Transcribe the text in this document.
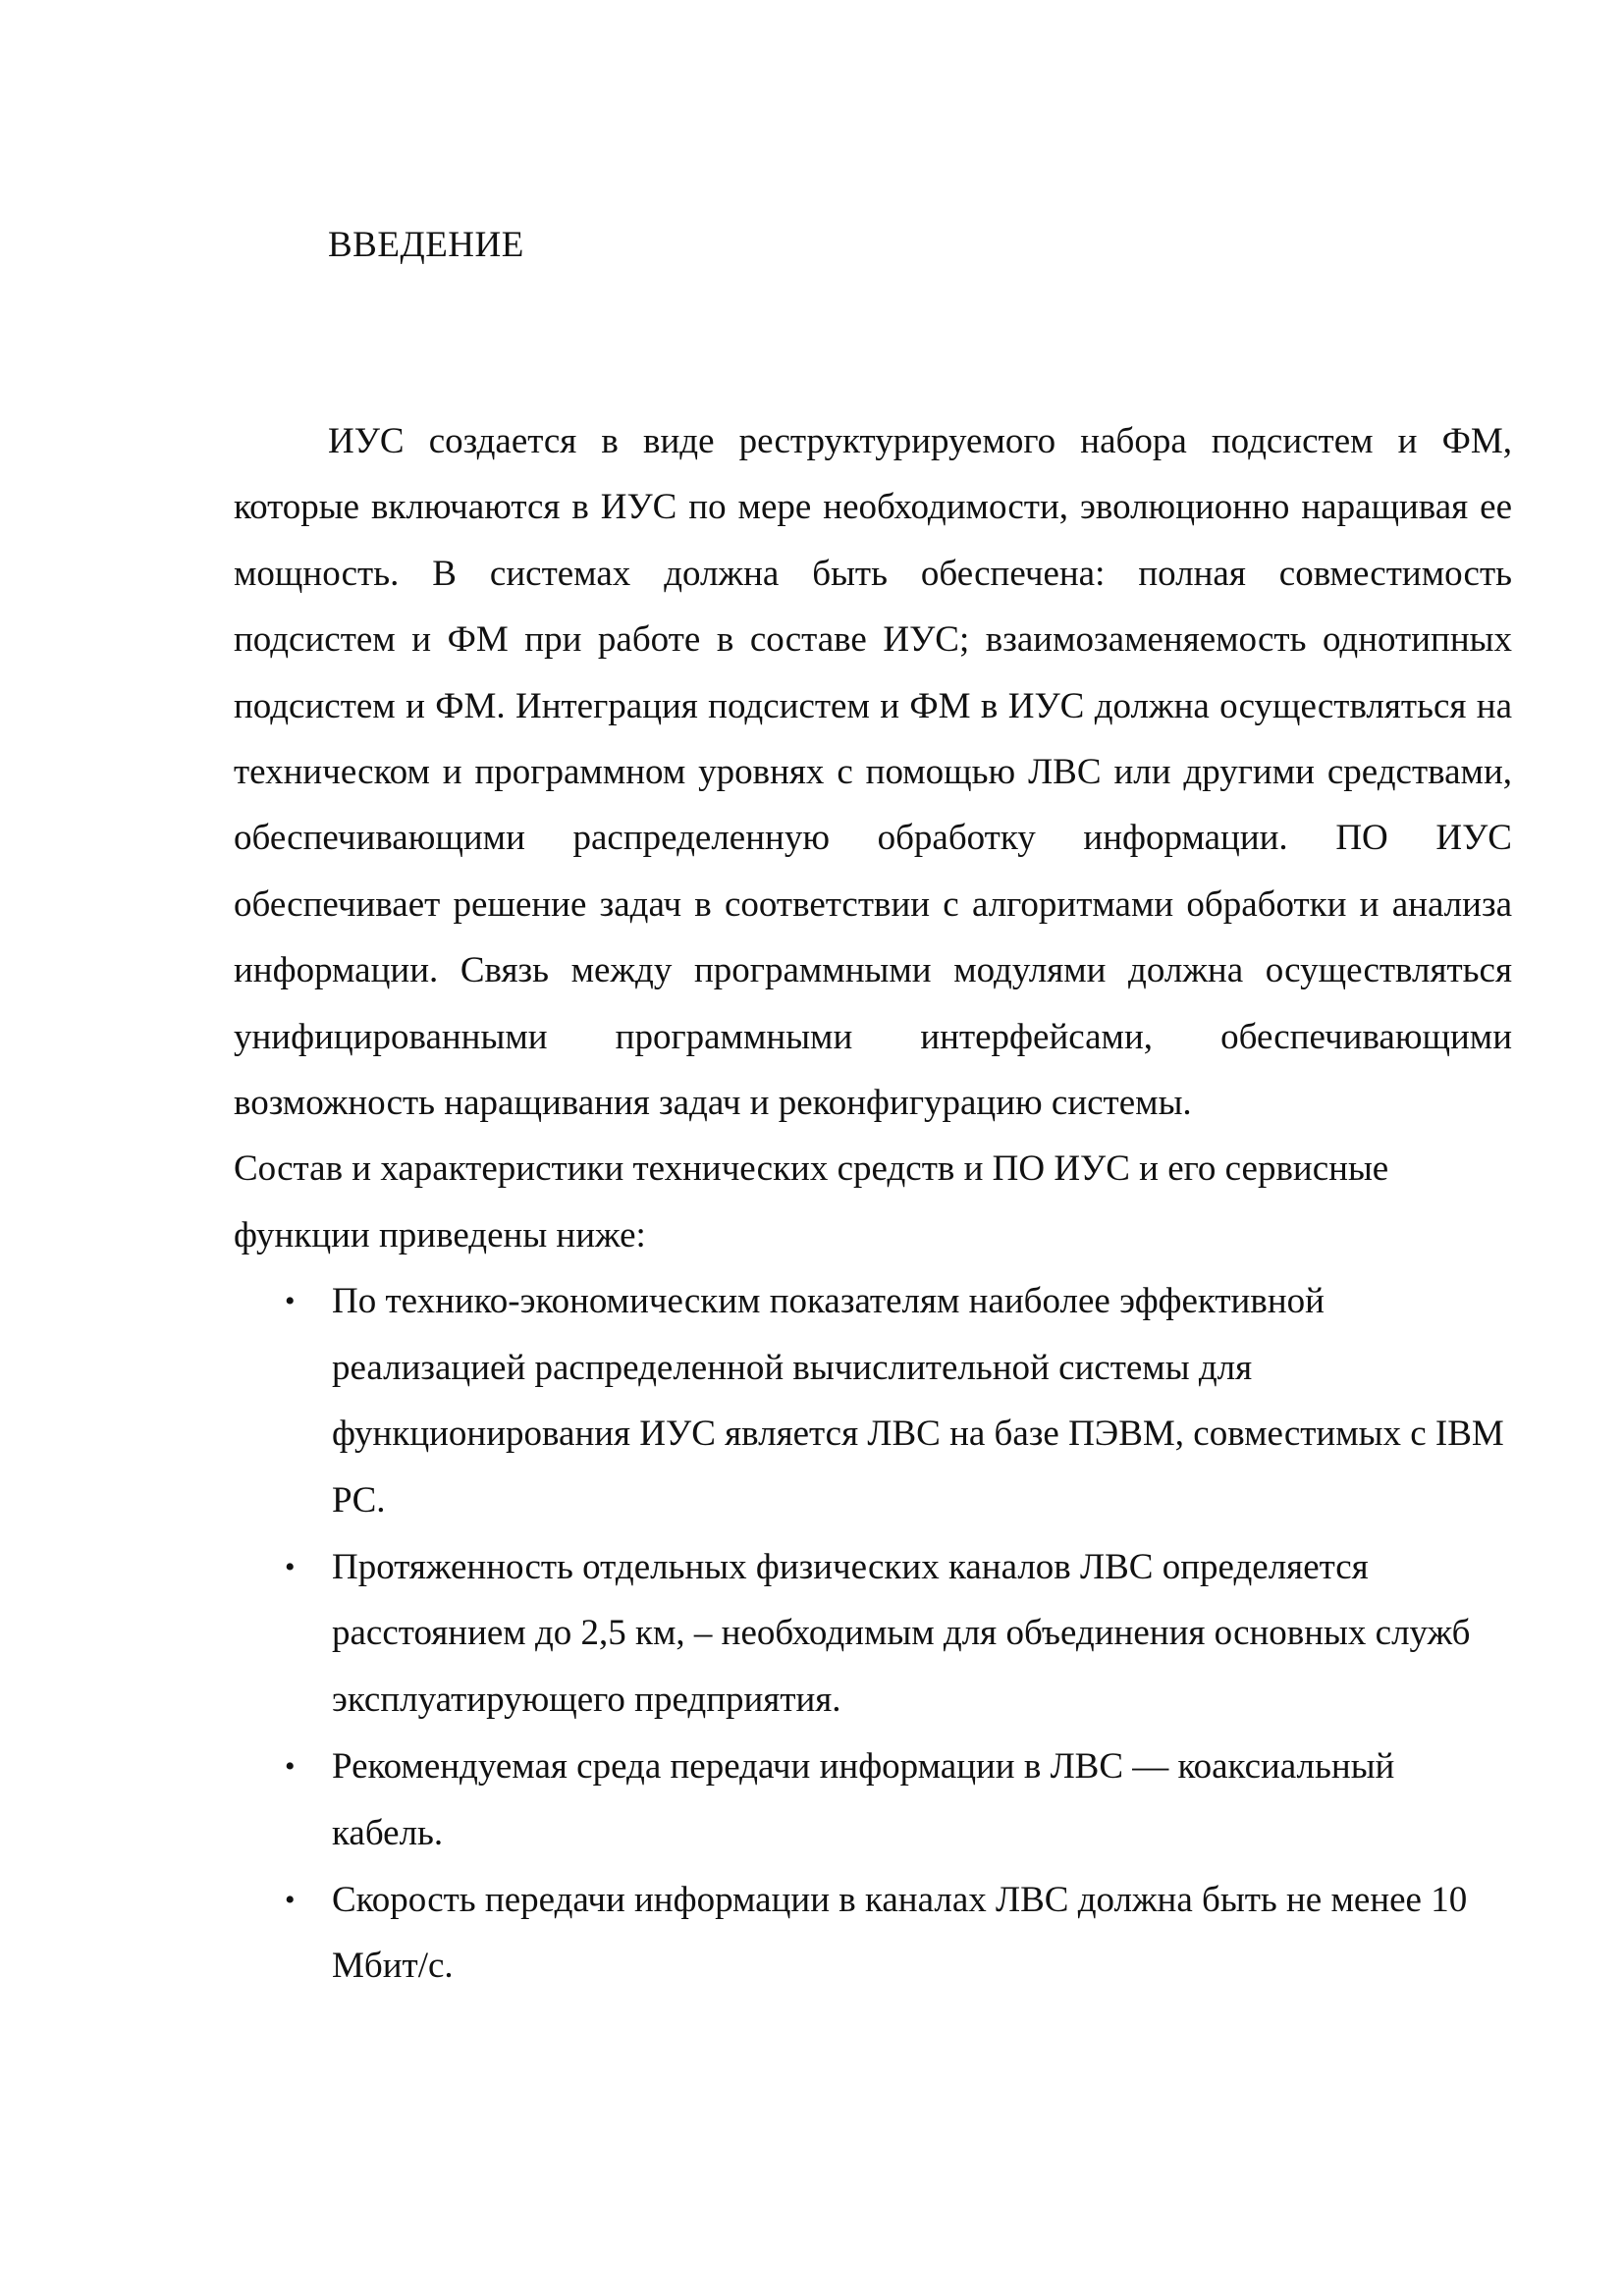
ВВЕДЕНИЕ

ИУС создается в виде реструктурируемого набора подсистем и ФМ, которые включаются в ИУС по мере необходимости, эволюционно наращивая ее мощность. В системах должна быть обеспечена: полная совместимость подсистем и ФМ при работе в составе ИУС; взаимозаменяемость однотипных подсистем и ФМ. Интеграция подсистем и ФМ в ИУС должна осуществляться на техническом и программном уровнях с помощью ЛВС или другими средствами, обеспечивающими распределенную обработку информации. ПО ИУС обеспечивает решение задач в соответствии с алгоритмами обработки и анализа информации. Связь между программными модулями должна осуществляться унифицированными программными интерфейсами, обеспечивающими возможность наращивания задач и реконфигурацию системы.

Состав и характеристики технических средств и ПО ИУС и его сервисные функции приведены ниже:

• По технико-экономическим показателям наиболее эффективной реализацией распределенной вычислительной системы для функционирования ИУС является ЛВС на базе ПЭВМ, совместимых с IBM PC.
• Протяженность отдельных физических каналов ЛВС определяется расстоянием до 2,5 км, – необходимым для объединения основных служб эксплуатирующего предприятия.
• Рекомендуемая среда передачи информации в ЛВС — коаксиальный кабель.
• Скорость передачи информации в каналах ЛВС должна быть не менее 10 Мбит/с.
